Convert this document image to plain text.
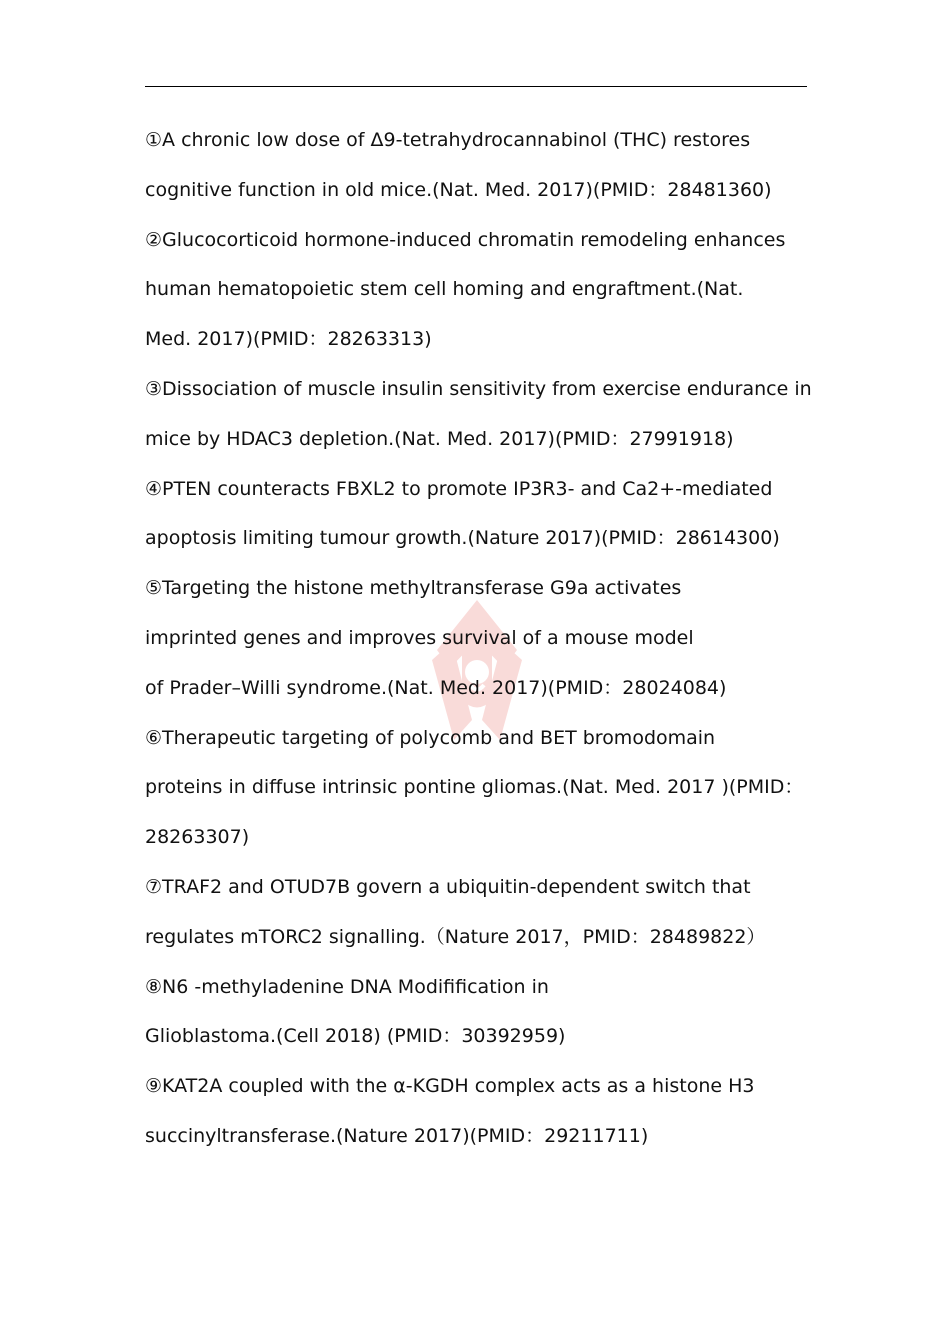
①A chronic low dose of Δ9-tetrahydrocannabinol (THC) restores
cognitive function in old mice.(Nat. Med. 2017)(PMID：28481360)
②Glucocorticoid hormone-induced chromatin remodeling enhances
human hematopoietic stem cell homing and engraftment.(Nat.
Med. 2017)(PMID：28263313)
③Dissociation of muscle insulin sensitivity from exercise endurance in
mice by HDAC3 depletion.(Nat. Med. 2017)(PMID：27991918)
④PTEN counteracts FBXL2 to promote IP3R3- and Ca2+-mediated
apoptosis limiting tumour growth.(Nature 2017)(PMID：28614300)
⑤Targeting the histone methyltransferase G9a activates
imprinted genes and improves survival of a mouse model
of Prader–Willi syndrome.(Nat. Med. 2017)(PMID：28024084)
⑥Therapeutic targeting of polycomb and BET bromodomain
proteins in diffuse intrinsic pontine gliomas.(Nat. Med. 2017 )(PMID：
28263307)
⑦TRAF2 and OTUD7B govern a ubiquitin-dependent switch that
regulates mTORC2 signalling.（Nature 2017，PMID：28489822）
⑧N6 -methyladenine DNA Modifiﬁcation in
Glioblastoma.(Cell 2018) (PMID：30392959)
⑨KAT2A coupled with the α-KGDH complex acts as a histone H3
succinyltransferase.(Nature 2017)(PMID：29211711)
